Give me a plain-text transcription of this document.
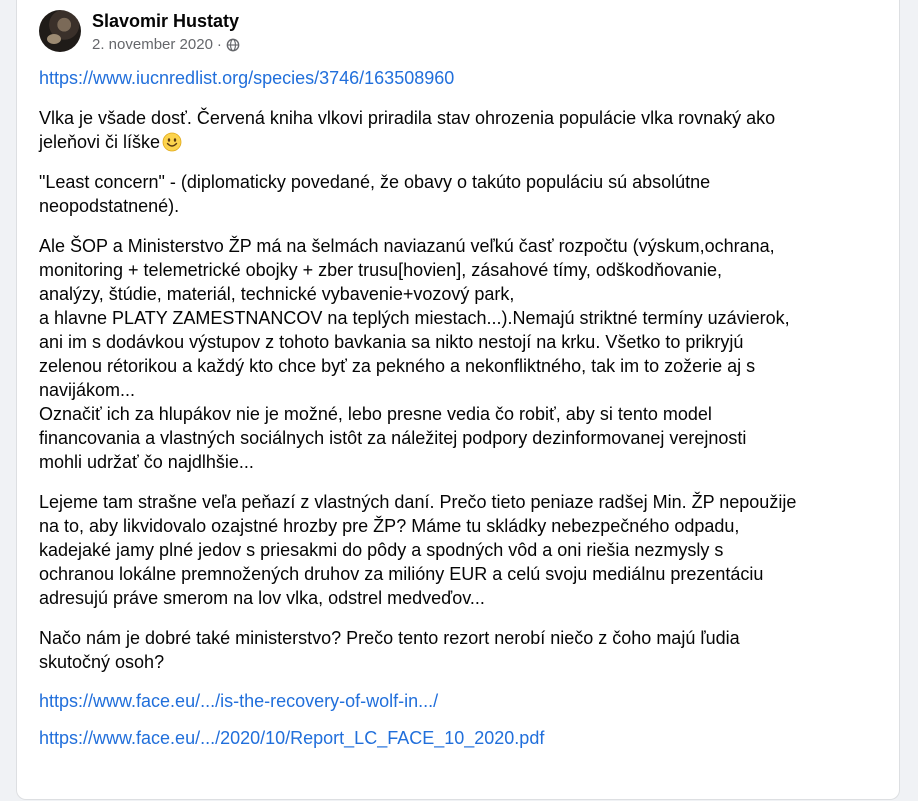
Slavomir Hustaty
2. november 2020 ·

https://www.iucnredlist.org/species/3746/163508960

Vlka je všade dosť. Červená kniha vlkovi priradila stav ohrozenia populácie vlka rovnaký ako
jeleňovi či líške

"Least concern" - (diplomaticky povedané, že obavy o takúto populáciu sú absolútne
neopodstatnené).

Ale ŠOP a Ministerstvo ŽP má na šelmách naviazanú veľkú časť rozpočtu (výskum,ochrana,
monitoring + telemetrické obojky + zber trusu[hovien], zásahové tímy, odškodňovanie,
analýzy, štúdie, materiál, technické vybavenie+vozový park,
a hlavne PLATY ZAMESTNANCOV na teplých miestach...).Nemajú striktné termíny uzávierok,
ani im s dodávkou výstupov z tohoto bavkania sa nikto nestojí na krku. Všetko to prikryjú
zelenou rétorikou a každý kto chce byť za pekného a nekonfliktného, tak im to zožerie aj s
navijákom...
Označiť ich za hlupákov nie je možné, lebo presne vedia čo robiť, aby si tento model
financovania a vlastných sociálnych istôt za náležitej podpory dezinformovanej verejnosti
mohli udržať čo najdlhšie...

Lejeme tam strašne veľa peňazí z vlastných daní. Prečo tieto peniaze radšej Min. ŽP nepoužije
na to, aby likvidovalo ozajstné hrozby pre ŽP? Máme tu skládky nebezpečného odpadu,
kadejaké jamy plné jedov s priesakmi do pôdy a spodných vôd a oni riešia nezmysly s
ochranou lokálne premnožených druhov za milióny EUR a celú svoju mediálnu prezentáciu
adresujú práve smerom na lov vlka, odstrel medveďov...

Načo nám je dobré také ministerstvo? Prečo tento rezort nerobí niečo z čoho majú ľudia
skutočný osoh?

https://www.face.eu/.../is-the-recovery-of-wolf-in.../

https://www.face.eu/.../2020/10/Report_LC_FACE_10_2020.pdf
